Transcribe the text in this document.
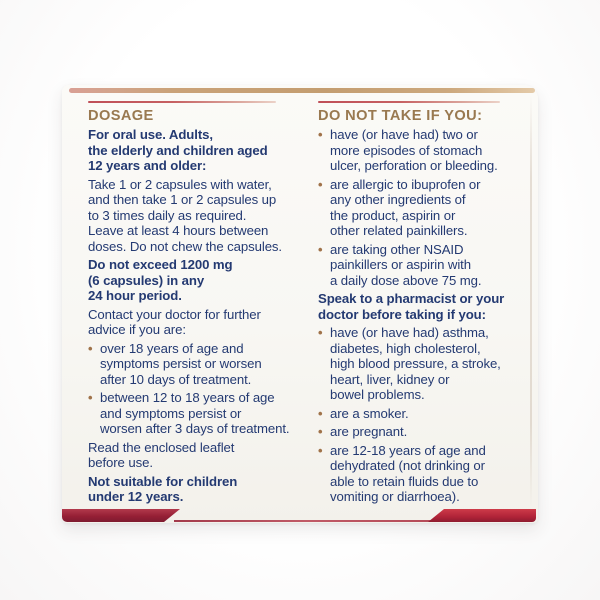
DOSAGE
For oral use. Adults,
the elderly and children aged
12 years and older:
Take 1 or 2 capsules with water,
and then take 1 or 2 capsules up
to 3 times daily as required.
Leave at least 4 hours between
doses. Do not chew the capsules.
Do not exceed 1200 mg
(6 capsules) in any
24 hour period.
Contact your doctor for further
advice if you are:
• over 18 years of age and
symptoms persist or worsen
after 10 days of treatment.
• between 12 to 18 years of age
and symptoms persist or
worsen after 3 days of treatment.
Read the enclosed leaflet
before use.
Not suitable for children
under 12 years.
DO NOT TAKE IF YOU:
• have (or have had) two or
more episodes of stomach
ulcer, perforation or bleeding.
• are allergic to ibuprofen or
any other ingredients of
the product, aspirin or
other related painkillers.
• are taking other NSAID
painkillers or aspirin with
a daily dose above 75 mg.
Speak to a pharmacist or your
doctor before taking if you:
• have (or have had) asthma,
diabetes, high cholesterol,
high blood pressure, a stroke,
heart, liver, kidney or
bowel problems.
• are a smoker.
• are pregnant.
• are 12-18 years of age and
dehydrated (not drinking or
able to retain fluids due to
vomiting or diarrhoea).
